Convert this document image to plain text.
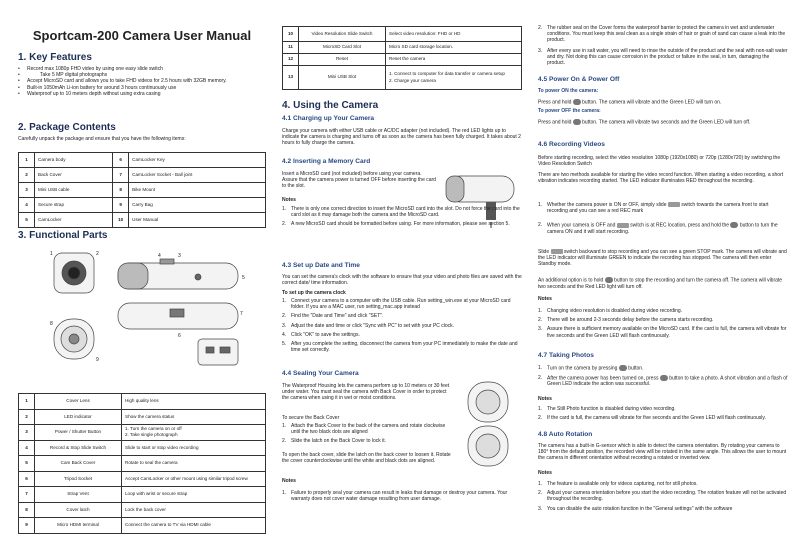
Sportcam-200 Camera User Manual
1. Key Features
• Record max 1080p FHD video by using one easy slide switch
• Take 5 MP digital photographs
• Accept MicroSD card and allows you to take FHD videos for 2.5 hours with 32GB memory.
• Built-in 1050mAh Li-ion battery for around 3 hours continuously use
• Waterproof up to 10 meters depth without using extra casing
2. Package Contents
Carefully unpack the package and ensure that you have the following items:
1	Camera body	6	CamLocker Key
2	Back Cover	7	CamLocker Socket - Ball joint
3	Mini USB cable	8	Bike Mount
4	Secure strap	9	Carry Bag
5	CamLocker	10	User Manual
3. Functional Parts
1	2	3
4
5
6
7
8
9
1	Cover Lens	High quality lens
2	LED indicator	Show the camera status
3	Power / Shutter Button	1. Turn the camera on or off
2. Take single photograph
4	Record & Stop Slide Switch	Slide to start or stop video recording
5	Cam Back Cover	Rotate to seal the camera
6	Tripod Socket	Accept CamLocker or other mount using similar tripod screw
7	Strap Vent	Loop with wrist or secure strap
8	Cover latch	Lock the back cover
9	Micro HDMI terminal	Connect the camera to TV via HDMI cable
10	Video Resolution Slide Switch	Select video resolution: FHD or HD
11	MicroSD Card Slot	Micro SD card storage location.
12	Reset	Reset the camera
13	Mini USB Slot	1. Connect to computer for data transfer or camera setup
2. Charge your camera
4. Using the Camera
4.1 Charging up Your Camera
Charge your camera with either USB cable or AC/DC adapter (not included). The red LED lights up to indicate the camera is charging and turns off as soon as the camera has been fully charged. It takes about 2 hours to fully charge the camera.
4.2 Inserting a Memory Card
Insert a MicroSD card (not included) before using your camera. Assure that the camera power is turned OFF before inserting the card to the slot.
Notes
1. There is only one correct direction to insert the MicroSD card into the slot. Do not force the card into the card slot as it may damage both the camera and the MicroSD card.
2. A new MicroSD card should be formatted before using. For more information, please see section 5.
4.3 Set up Date and Time
You can set the camera's clock with the software to ensure that your video and photo files are saved with the correct date/ time information.
To set up the camera clock
1. Connect your camera to a computer with the USB cable. Run setting_win.exe at your MicroSD card folder. If you are a MAC user, run setting_mac.app instead
2. Find the "Date and Time" and click "SET".
3. Adjust the date and time or click "Sync with PC" to set with your PC clock.
4. Click "OK" to save the settings.
5. After you complete the setting, disconnect the camera from your PC immediately to make the date and time set correctly.
4.4 Sealing Your Camera
The Waterproof Housing lets the camera perform up to 10 meters or 30 feet under water. You must seal the camera with Back Cover in order to protect the camera when using it in wet or moist conditions.
To secure the Back Cover
1. Attach the Back Cover to the back of the camera and rotate clockwise until the two black dots are aligned
2. Slide the latch on the Back Cover to lock it.
To open the back cover, slide the latch on the back cover to loosen it. Rotate the cover counterclockwise until the white and black dots are aligned.
Notes
1. Failure to properly seal your camera can result in leaks that damage or destroy your camera. Your warranty does not cover water damage resulting from user damage.
2. The rubber seal on the Cover forms the waterproof barrier to protect the camera in wet and underwater conditions. You must keep this seal clean as a single strain of hair or grain of sand can cause a leak into the product.
3. After every use in salt water, you will need to rinse the outside of the product and the seal with non-salt water and dry. Not doing this can cause corrosion in the product or failure in the seal, in turn, damaging the product.
4.5 Power On & Power Off
To power ON the camera:
Press and hold button. The camera will vibrate and the Green LED will turn on.
To power OFF the camera:
Press and hold button. The camera will vibrate two seconds and the Green LED will turn off.
4.6 Recording Videos
Before starting recording, select the video resolution 1080p (1920x1080) or 720p (1280x720) by switching the Video Resolution Switch
There are two methods available for starting the video record function. When starting a video recording, a short vibration indicates recording started. The LED indicator illuminates RED throughout the recording.
1. Whether the camera power is ON or OFF, simply slide	switch towards the camera front to start recording and you can see a red REC mark
2. When your camera is OFF and	switch is at REC location, press and hold the button to turn the camera ON and it will start recording.
Slide	switch backward to stop recording and you can see a green STOP mark. The camera will vibrate and the LED indicator will illuminate GREEN to indicate the recording has stopped. The camera will then enter Standby mode.
An additional option is to hold button to stop the recording and turn the camera off. The camera will vibrate two seconds and the Red LED light will turn off.
Notes
1. Changing video resolution is disabled during video recording.
2. There will be around 2-3 seconds delay before the camera starts recording.
3. Assure there is sufficient memory available on the MicroSD card. If the card is full, the camera will vibrate for five seconds and the Green LED will flash continuously.
4.7 Taking Photos
1. Turn on the camera by pressing button.
2. After the camera power has been turned on, press button to take a photo. A short vibration and a flash of Green LED indicate the action was successful.
Notes
1. The Still Photo function is disabled during video recording.
2. If the card is full, the camera will vibrate for five seconds and the Green LED will flash continuously.
4.8 Auto Rotation
The camera has a built-in G-sensor which is able to detect the camera orientation. By rotating your camera to 180° from the default position, the recorded view will be rotated in the same angle. This allows the user to mount the camera in different orientation without recording a rotated or inverted view.
Notes
1. The feature is available only for videos capturing, not for still photos.
2. Adjust your camera orientation before you start the video recording. The rotation feature will not be activated throughout the recording.
3. You can disable the auto rotation function in the "General settings" with the software
